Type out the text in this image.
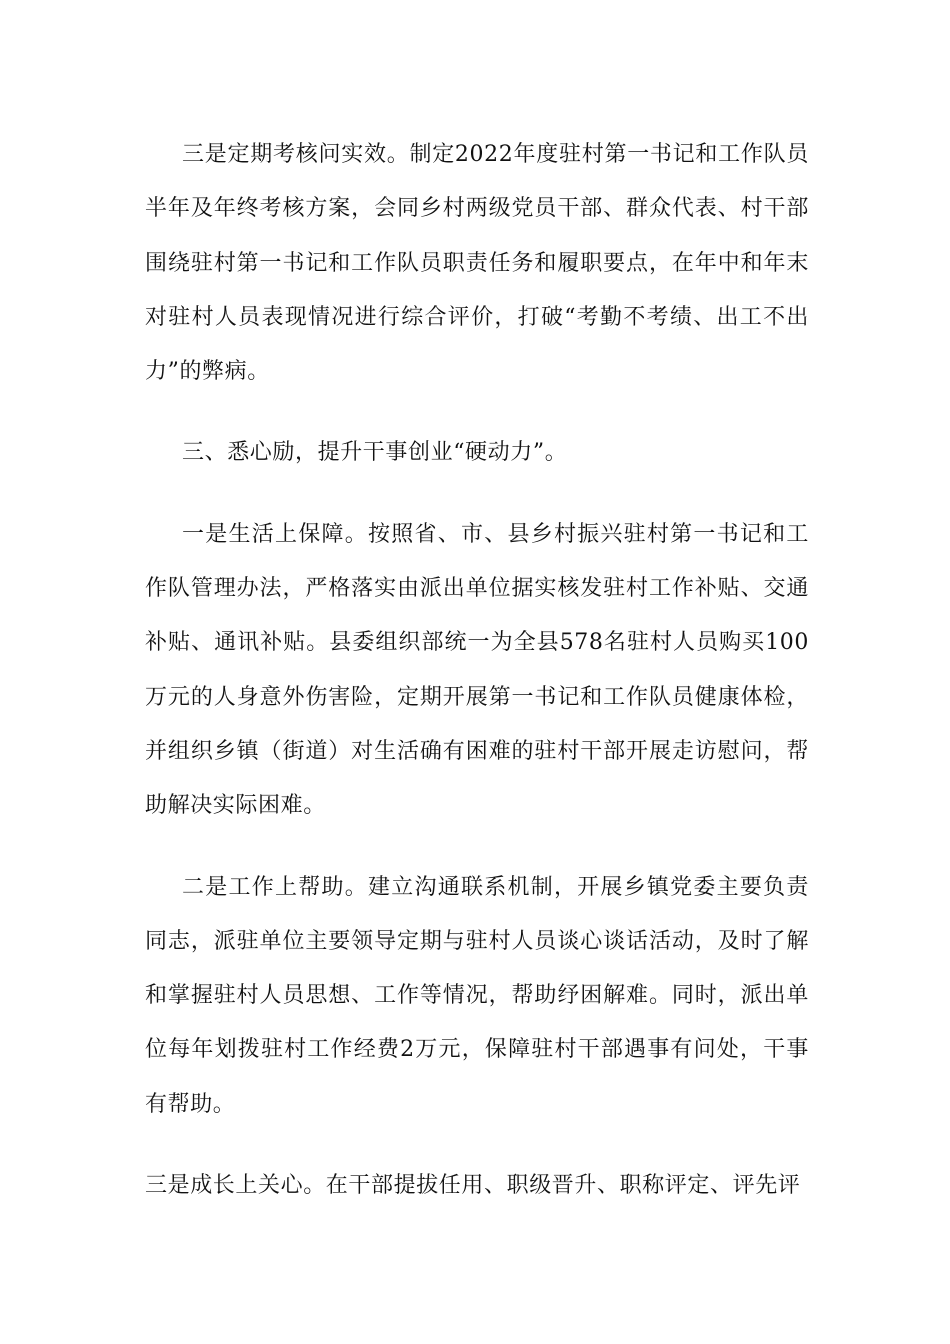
三是定期考核问实效。制定2022年度驻村第一书记和工作队员半年及年终考核方案，会同乡村两级党员干部、群众代表、村干部围绕驻村第一书记和工作队员职责任务和履职要点，在年中和年末对驻村人员表现情况进行综合评价，打破“考勤不考绩、出工不出力”的弊病。

三、悉心励，提升干事创业“硬动力”。

一是生活上保障。按照省、市、县乡村振兴驻村第一书记和工作队管理办法，严格落实由派出单位据实核发驻村工作补贴、交通补贴、通讯补贴。县委组织部统一为全县578名驻村人员购买100万元的人身意外伤害险，定期开展第一书记和工作队员健康体检，并组织乡镇（街道）对生活确有困难的驻村干部开展走访慰问，帮助解决实际困难。

二是工作上帮助。建立沟通联系机制，开展乡镇党委主要负责同志，派驻单位主要领导定期与驻村人员谈心谈话活动，及时了解和掌握驻村人员思想、工作等情况，帮助纾困解难。同时，派出单位每年划拨驻村工作经费2万元，保障驻村干部遇事有问处，干事有帮助。

三是成长上关心。在干部提拔任用、职级晋升、职称评定、评先评
